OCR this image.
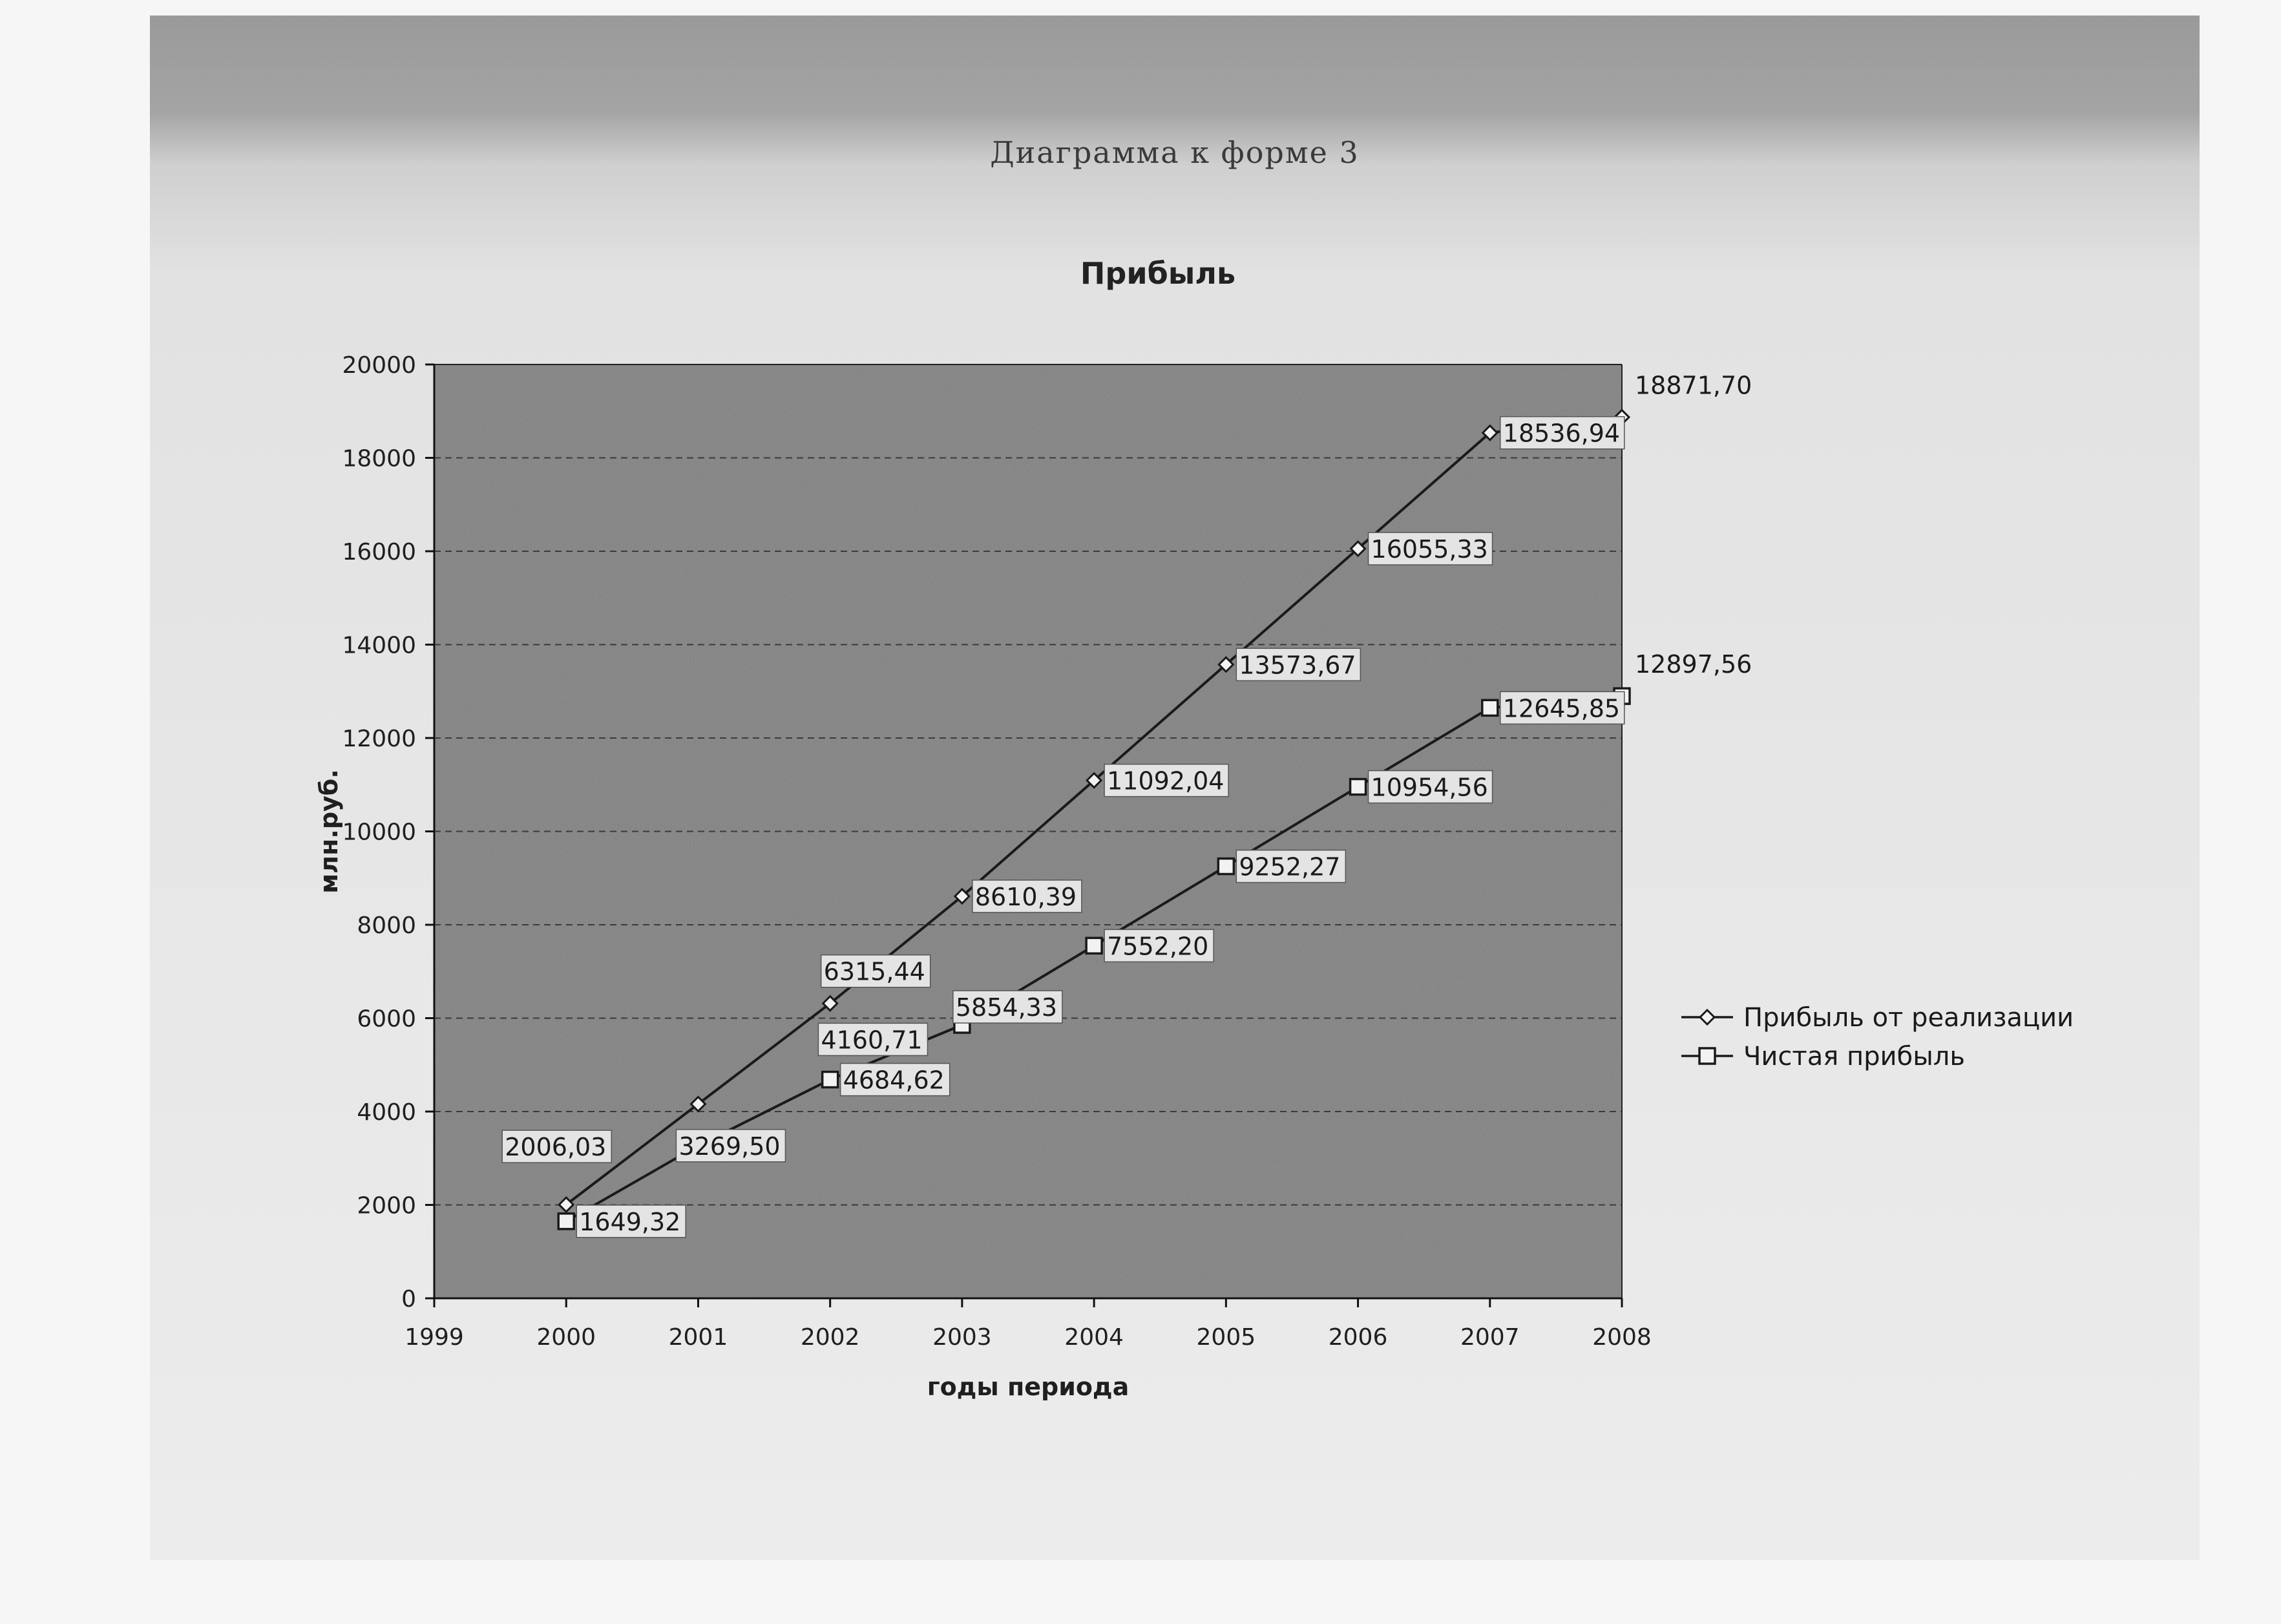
Диаграмма к форме 3
Прибыль
0
2000
4000
6000
8000
10000
12000
14000
16000
18000
20000
1999	2000	2001	2002	2003	2004	2005	2006	2007	2008
2006,03
4160,71
6315,44
8610,39
11092,04
13573,67
16055,33
18536,94
18871,70
1649,32
3269,50
4684,62
5854,33
7552,20
9252,27
10954,56
12645,85
12897,56
годы периода
млн.руб.
Прибыль от реализации
Чистая прибыль
